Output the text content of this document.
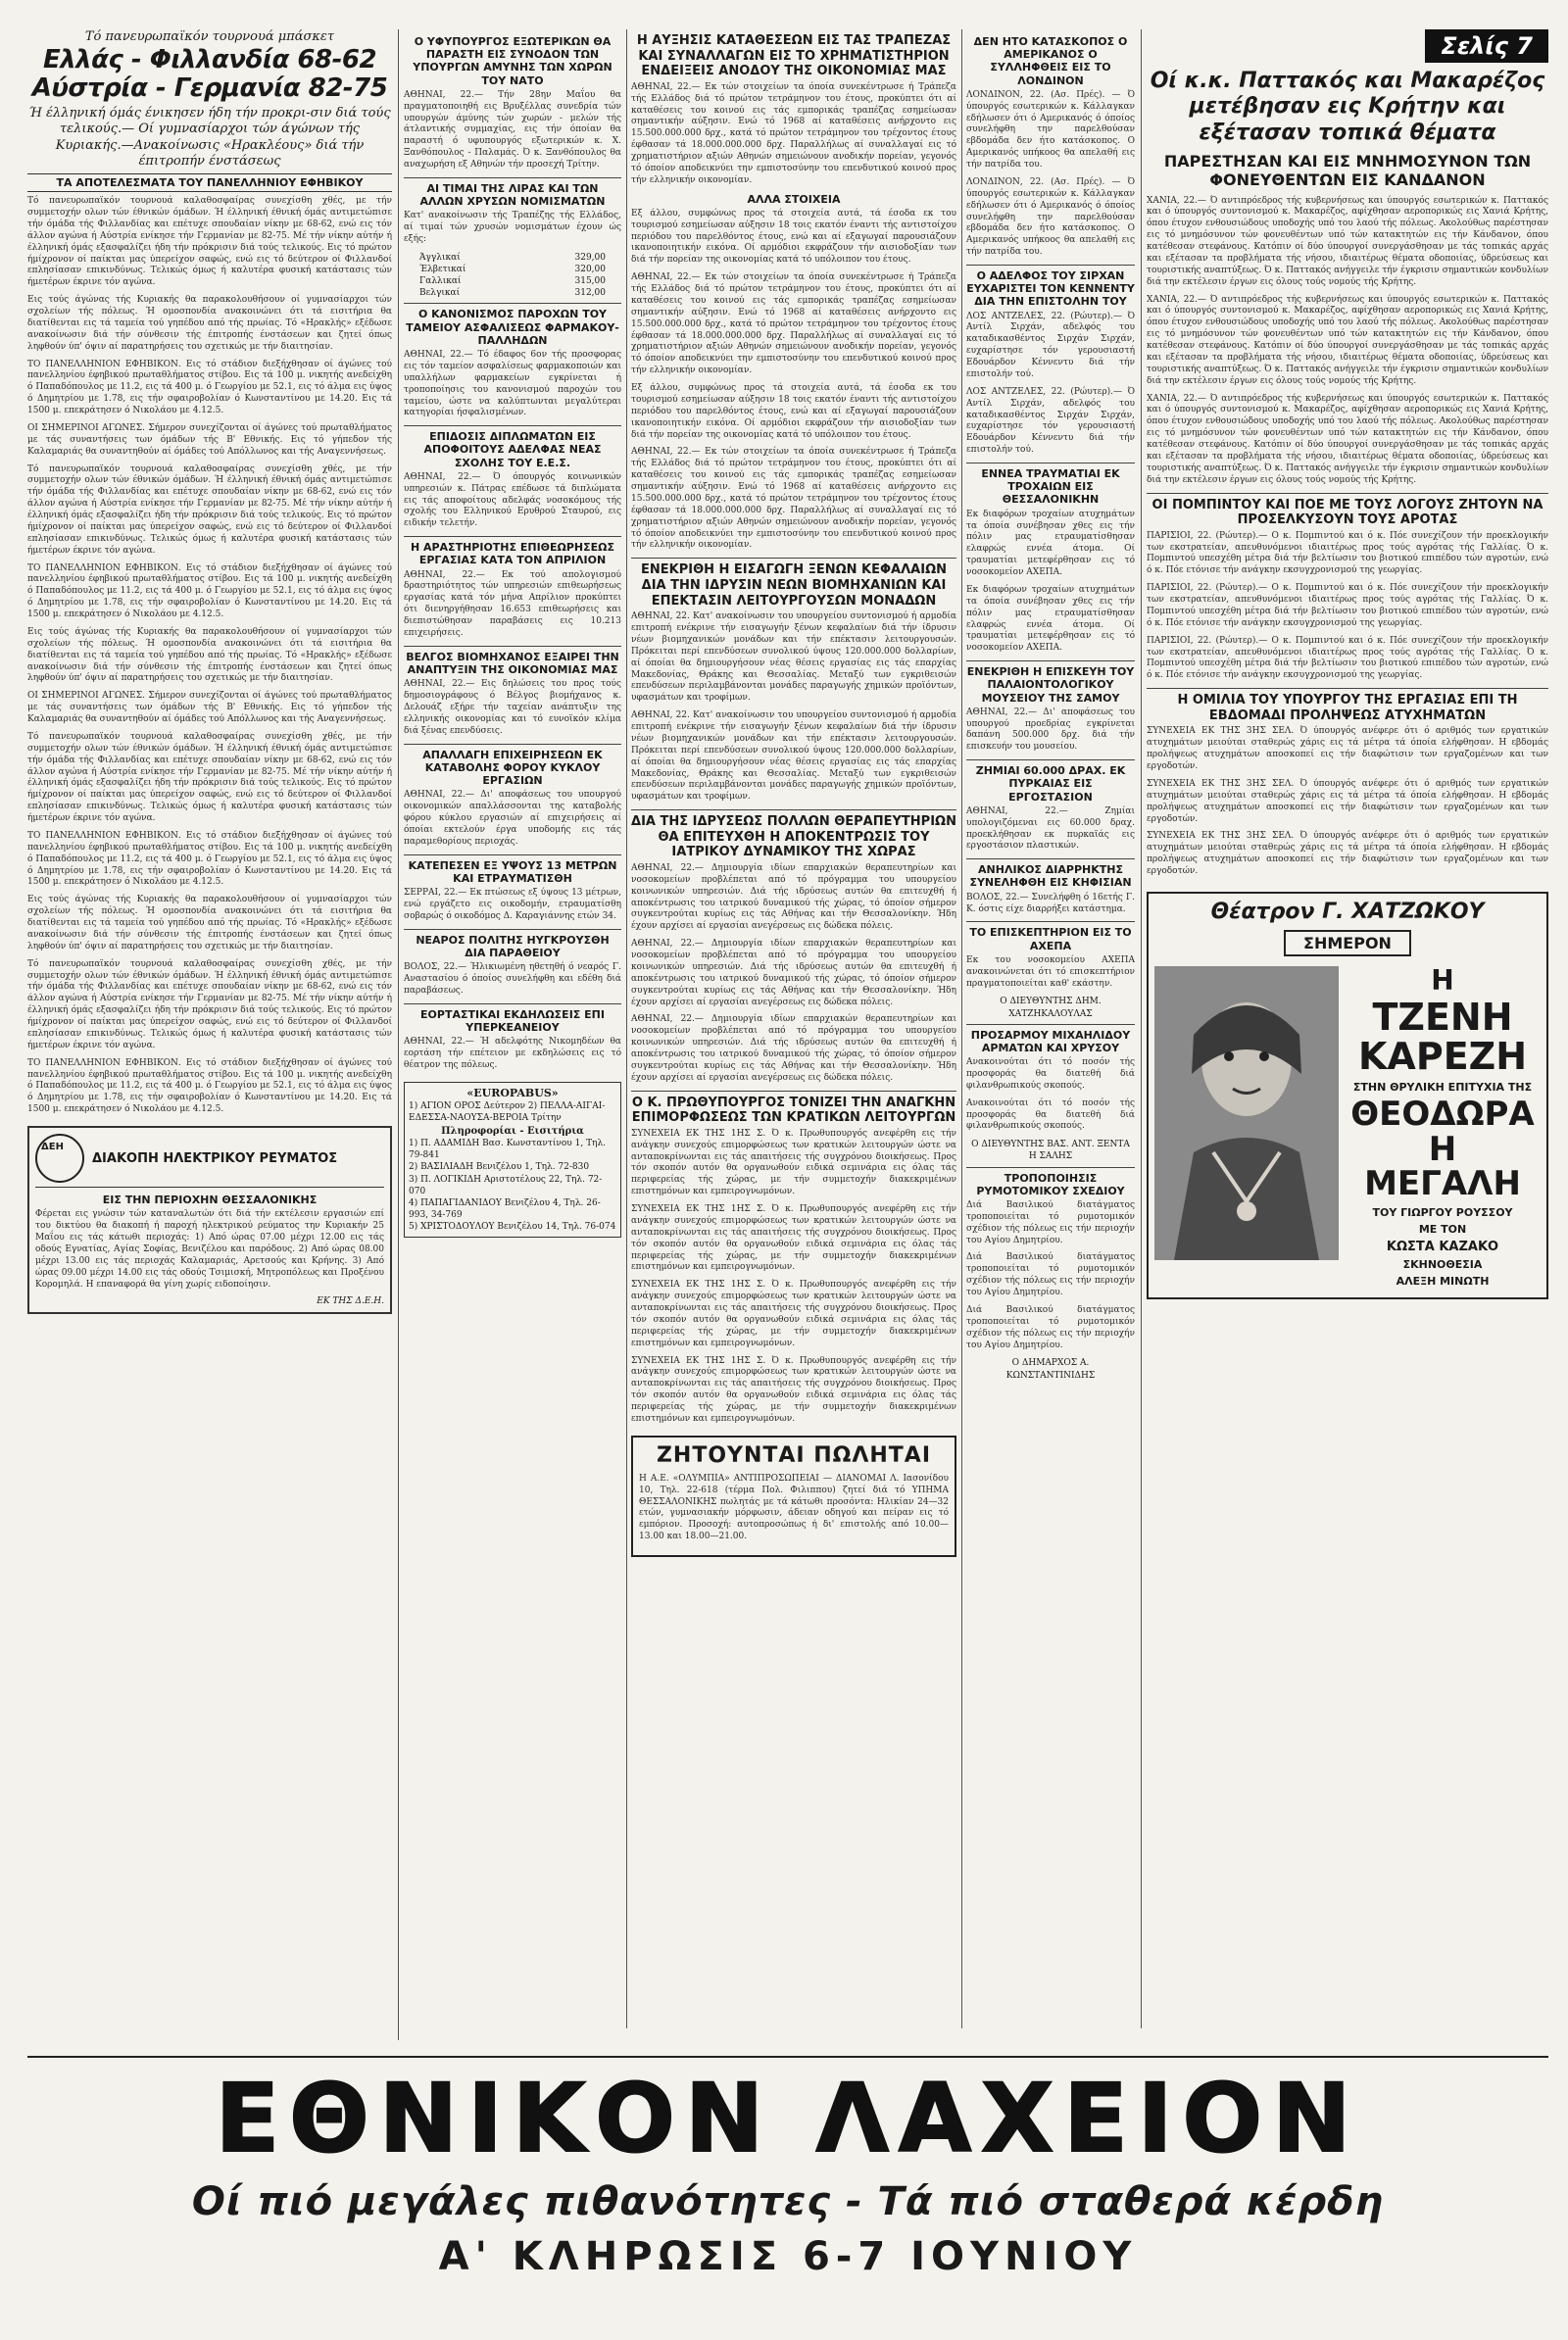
Τό πανευρωπαϊκόν τουρνουά μπάσκετ
Ελλάς - Φιλλανδία 68-62
Αύστρία - Γερμανία 82-75
Ή έλληνική όμάς ένικησεν ήδη τήν προκρι-σιν διά τούς τελικούς.— Οί γυμνασίαρχοι τών άγώνων τής Κυριακής.—Ανακοίνωσις «Ηρακλέους» διά τήν έπιτροπήν ένστάσεως
ΤΑ ΑΠΟΤΕΛΕΣΜΑΤΑ ΤΟΥ ΠΑΝΕΛΛΗΝΙΟΥ ΕΦΗΒΙΚΟΥ

Τό πανευρωπαϊκόν τουρνουά καλαθοσφαίρας συνεχίσθη χθές, με τήν συμμετοχήν ολων τών έθνικών όμάδων. Ή έλληνική έθνική όμάς αντιμετώπισε τήν όμάδα τής Φιλλανδίας και επέτυχε σπουδαίαν νίκην με 68-62, ενώ εις τόν άλλον αγώνα ή Αύστρία ενίκησε τήν Γερμανίαν με 82-75. Μέ τήν νίκην αύτήν ή έλληνική όμάς εξασφαλίζει ήδη τήν πρόκρισιν διά τούς τελικούς. Εις τό πρώτον ήμίχρονον οί παίκται μας ύπερείχον σαφώς, ενώ εις τό δεύτερον οί Φιλλανδοί επλησίασαν επικινδύνως. Τελικώς όμως ή καλυτέρα φυσική κατάστασις τών ήμετέρων έκρινε τόν αγώνα.

Εις τούς άγώνας τής Κυριακής θα παρακολουθήσουν οί γυμνασίαρχοι τών σχολείων τής πόλεως. Ή ομοσπονδία ανακοινώνει ότι τά εισιτήρια θα διατίθενται εις τά ταμεία τού γηπέδου από τής πρωίας. Τό «Ηρακλής» εξέδωσε ανακοίνωσιν διά τήν σύνθεσιν τής έπιτροπής ένστάσεων και ζητεί όπως ληφθούν ύπ' όψιν αί παρατηρήσεις του σχετικώς με τήν διαιτησίαν.

ΤΟ ΠΑΝΕΛΛΗΝΙΟΝ ΕΦΗΒΙΚΟΝ. Εις τό στάδιον διεξήχθησαν οί άγώνες τού πανελληνίου έφηβικού πρωταθλήματος στίβου. Εις τά 100 μ. νικητής ανεδείχθη ό Παπαδόπουλος με 11.2, εις τά 400 μ. ό Γεωργίου με 52.1, εις τό άλμα εις ύψος ό Δημητρίου με 1.78, εις τήν σφαιροβολίαν ό Κωνσταντίνου με 14.20. Εις τά 1500 μ. επεκράτησεν ό Νικολάου με 4.12.5.

ΟΙ ΣΗΜΕΡΙΝΟΙ ΑΓΩΝΕΣ. Σήμερον συνεχίζονται οί άγώνες τού πρωταθλήματος με τάς συναντήσεις των όμάδων τής Β' Εθνικής. Εις τό γήπεδον τής Καλαμαριάς θα συναντηθούν αί όμάδες τού Απόλλωνος και τής Αναγεννήσεως.

Τό πανευρωπαϊκόν τουρνουά καλαθοσφαίρας συνεχίσθη χθές, με τήν συμμετοχήν ολων τών έθνικών όμάδων. Ή έλληνική έθνική όμάς αντιμετώπισε τήν όμάδα τής Φιλλανδίας και επέτυχε σπουδαίαν νίκην με 68-62, ενώ εις τόν άλλον αγώνα ή Αύστρία ενίκησε τήν Γερμανίαν με 82-75. Μέ τήν νίκην αύτήν ή έλληνική όμάς εξασφαλίζει ήδη τήν πρόκρισιν διά τούς τελικούς. Εις τό πρώτον ήμίχρονον οί παίκται μας ύπερείχον σαφώς, ενώ εις τό δεύτερον οί Φιλλανδοί επλησίασαν επικινδύνως. Τελικώς όμως ή καλυτέρα φυσική κατάστασις τών ήμετέρων έκρινε τόν αγώνα.

ΤΟ ΠΑΝΕΛΛΗΝΙΟΝ ΕΦΗΒΙΚΟΝ. Εις τό στάδιον διεξήχθησαν οί άγώνες τού πανελληνίου έφηβικού πρωταθλήματος στίβου. Εις τά 100 μ. νικητής ανεδείχθη ό Παπαδόπουλος με 11.2, εις τά 400 μ. ό Γεωργίου με 52.1, εις τό άλμα εις ύψος ό Δημητρίου με 1.78, εις τήν σφαιροβολίαν ό Κωνσταντίνου με 14.20. Εις τά 1500 μ. επεκράτησεν ό Νικολάου με 4.12.5.

Εις τούς άγώνας τής Κυριακής θα παρακολουθήσουν οί γυμνασίαρχοι τών σχολείων τής πόλεως. Ή ομοσπονδία ανακοινώνει ότι τά εισιτήρια θα διατίθενται εις τά ταμεία τού γηπέδου από τής πρωίας. Τό «Ηρακλής» εξέδωσε ανακοίνωσιν διά τήν σύνθεσιν τής έπιτροπής ένστάσεων και ζητεί όπως ληφθούν ύπ' όψιν αί παρατηρήσεις του σχετικώς με τήν διαιτησίαν.

ΟΙ ΣΗΜΕΡΙΝΟΙ ΑΓΩΝΕΣ. Σήμερον συνεχίζονται οί άγώνες τού πρωταθλήματος με τάς συναντήσεις των όμάδων τής Β' Εθνικής. Εις τό γήπεδον τής Καλαμαριάς θα συναντηθούν αί όμάδες τού Απόλλωνος και τής Αναγεννήσεως.

Τό πανευρωπαϊκόν τουρνουά καλαθοσφαίρας συνεχίσθη χθές, με τήν συμμετοχήν ολων τών έθνικών όμάδων. Ή έλληνική έθνική όμάς αντιμετώπισε τήν όμάδα τής Φιλλανδίας και επέτυχε σπουδαίαν νίκην με 68-62, ενώ εις τόν άλλον αγώνα ή Αύστρία ενίκησε τήν Γερμανίαν με 82-75. Μέ τήν νίκην αύτήν ή έλληνική όμάς εξασφαλίζει ήδη τήν πρόκρισιν διά τούς τελικούς. Εις τό πρώτον ήμίχρονον οί παίκται μας ύπερείχον σαφώς, ενώ εις τό δεύτερον οί Φιλλανδοί επλησίασαν επικινδύνως. Τελικώς όμως ή καλυτέρα φυσική κατάστασις τών ήμετέρων έκρινε τόν αγώνα.

ΤΟ ΠΑΝΕΛΛΗΝΙΟΝ ΕΦΗΒΙΚΟΝ. Εις τό στάδιον διεξήχθησαν οί άγώνες τού πανελληνίου έφηβικού πρωταθλήματος στίβου. Εις τά 100 μ. νικητής ανεδείχθη ό Παπαδόπουλος με 11.2, εις τά 400 μ. ό Γεωργίου με 52.1, εις τό άλμα εις ύψος ό Δημητρίου με 1.78, εις τήν σφαιροβολίαν ό Κωνσταντίνου με 14.20. Εις τά 1500 μ. επεκράτησεν ό Νικολάου με 4.12.5.

Εις τούς άγώνας τής Κυριακής θα παρακολουθήσουν οί γυμνασίαρχοι τών σχολείων τής πόλεως. Ή ομοσπονδία ανακοινώνει ότι τά εισιτήρια θα διατίθενται εις τά ταμεία τού γηπέδου από τής πρωίας. Τό «Ηρακλής» εξέδωσε ανακοίνωσιν διά τήν σύνθεσιν τής έπιτροπής ένστάσεων και ζητεί όπως ληφθούν ύπ' όψιν αί παρατηρήσεις του σχετικώς με τήν διαιτησίαν.

Τό πανευρωπαϊκόν τουρνουά καλαθοσφαίρας συνεχίσθη χθές, με τήν συμμετοχήν ολων τών έθνικών όμάδων. Ή έλληνική έθνική όμάς αντιμετώπισε τήν όμάδα τής Φιλλανδίας και επέτυχε σπουδαίαν νίκην με 68-62, ενώ εις τόν άλλον αγώνα ή Αύστρία ενίκησε τήν Γερμανίαν με 82-75. Μέ τήν νίκην αύτήν ή έλληνική όμάς εξασφαλίζει ήδη τήν πρόκρισιν διά τούς τελικούς. Εις τό πρώτον ήμίχρονον οί παίκται μας ύπερείχον σαφώς, ενώ εις τό δεύτερον οί Φιλλανδοί επλησίασαν επικινδύνως. Τελικώς όμως ή καλυτέρα φυσική κατάστασις τών ήμετέρων έκρινε τόν αγώνα.

ΤΟ ΠΑΝΕΛΛΗΝΙΟΝ ΕΦΗΒΙΚΟΝ. Εις τό στάδιον διεξήχθησαν οί άγώνες τού πανελληνίου έφηβικού πρωταθλήματος στίβου. Εις τά 100 μ. νικητής ανεδείχθη ό Παπαδόπουλος με 11.2, εις τά 400 μ. ό Γεωργίου με 52.1, εις τό άλμα εις ύψος ό Δημητρίου με 1.78, εις τήν σφαιροβολίαν ό Κωνσταντίνου με 14.20. Εις τά 1500 μ. επεκράτησεν ό Νικολάου με 4.12.5.

ΔΕΗ
ΔΙΑΚΟΠΗ ΗΛΕΚΤΡΙΚΟΥ ΡΕΥΜΑΤΟΣ
ΕΙΣ ΤΗΝ ΠΕΡΙΟΧΗΝ ΘΕΣΣΑΛΟΝΙΚΗΣ

Φέρεται εις γνώσιν τών καταναλωτών ότι διά τήν εκτέλεσιν εργασιών επί του δικτύου θα διακοπή ή παροχή ηλεκτρικού ρεύματος την Κυριακήν 25 Μαΐου εις τάς κάτωθι περιοχάς: 1) Από ώρας 07.00 μέχρι 12.00 εις τάς οδούς Εγνατίας, Αγίας Σοφίας, Βενιζέλου και παρόδους. 2) Από ώρας 08.00 μέχρι 13.00 εις τάς περιοχάς Καλαμαριάς, Αρετσούς και Κρήνης. 3) Από ώρας 09.00 μέχρι 14.00 εις τάς οδούς Τσιμισκή, Μητροπόλεως και Προξένου Κορομηλά. Η επαναφορά θα γίνη χωρίς ειδοποίησιν.

ΕΚ ΤΗΣ Δ.Ε.Η.
Ο ΥΦΥΠΟΥΡΓΟΣ ΕΞΩΤΕΡΙΚΩΝ ΘΑ ΠΑΡΑΣΤΗ ΕΙΣ ΣΥΝΟΔΟΝ ΤΩΝ ΥΠΟΥΡΓΩΝ ΑΜΥΝΗΣ ΤΩΝ ΧΩΡΩΝ ΤΟΥ ΝΑΤΟ

ΑΘΗΝΑΙ, 22.— Τήν 28ην Μαΐου θα πραγματοποιηθή εις Βρυξέλλας συνεδρία τών υπουργών άμύνης τών χωρών - μελών τής άτλαντικής συμμαχίας, εις τήν όποίαν θα παραστή ό υφυπουργός εξωτερικών κ. Χ. Ξανθόπουλος - Παλαμάς. Ό κ. Ξανθόπουλος θα αναχωρήση εξ Αθηνών τήν προσεχή Τρίτην.

ΑΙ ΤΙΜΑΙ ΤΗΣ ΛΙΡΑΣ ΚΑΙ ΤΩΝ ΑΛΛΩΝ ΧΡΥΣΩΝ ΝΟΜΙΣΜΑΤΩΝ

Κατ' ανακοίνωσιν τής Τραπέζης τής Ελλάδος, αί τιμαί τών χρυσών νομισμάτων έχουν ώς εξής:

Άγγλικαί	329,00
Έλβετικαί	320,00
Γαλλικαί	315,00
Βελγικαί	312,00
Ο ΚΑΝΟΝΙΣΜΟΣ ΠΑΡΟΧΩΝ ΤΟΥ ΤΑΜΕΙΟΥ ΑΣΦΑΛΙΣΕΩΣ ΦΑΡΜΑΚΟΥ-ΠΑΛΛΗΔΩΝ

ΑΘΗΝΑΙ, 22.— Τό έδαφος 6ον τής προσφορας εις τόν ταμείον ασφαλίσεως φαρμακοποιών και υπαλλήλων φαρμακείων εγκρίνεται ή τροποποίησις του κανονισμού παροχών του ταμείου, ώστε να καλύπτωνται μεγαλύτεραι κατηγορίαι ήσφαλισμένων.

ΕΠΙΔΟΣΙΣ ΔΙΠΛΩΜΑΤΩΝ ΕΙΣ ΑΠΟΦΟΙΤΟΥΣ ΑΔΕΛΦΑΣ ΝΕΑΣ ΣΧΟΛΗΣ ΤΟΥ Ε.Ε.Σ.

ΑΘΗΝΑΙ, 22.— Ό όπουργός κοινωνικών υπηρεσιών κ. Πάτρας επέδωσε τά διπλώματα εις τάς αποφοίτους αδελφάς νοσοκόμους τής σχολής του Ελληνικού Ερυθρού Σταυρού, εις ειδικήν τελετήν.

Η ΑΡΑΣΤΗΡΙΟΤΗΣ ΕΠΙΘΕΩΡΗΣΕΩΣ ΕΡΓΑΣΙΑΣ ΚΑΤΑ ΤΟΝ ΑΠΡΙΛΙΟΝ

ΑΘΗΝΑΙ, 22.— Εκ τού απολογισμού δραστηριότητος τών υπηρεσιών επιθεωρήσεως εργασίας κατά τόν μήνα Απρίλιον προκύπτει ότι διενηργήθησαν 16.653 επιθεωρήσεις και διεπιστώθησαν παραβάσεις εις 10.213 επιχειρήσεις.

ΒΕΛΓΟΣ ΒΙΟΜΗΧΑΝΟΣ ΕΞΑΙΡΕΙ ΤΗΝ ΑΝΑΠΤΥΞΙΝ ΤΗΣ ΟΙΚΟΝΟΜΙΑΣ ΜΑΣ

ΑΘΗΝΑΙ, 22.— Εις δηλώσεις του προς τούς δημοσιογράφους ό Βέλγος βιομήχανος κ. Δελουάζ εξήρε τήν ταχείαν ανάπτυξιν της ελληνικής οικονομίας και τό ευνοϊκόν κλίμα διά ξένας επενδύσεις.

ΑΠΑΛΛΑΓΗ ΕΠΙΧΕΙΡΗΣΕΩΝ ΕΚ ΚΑΤΑΒΟΛΗΣ ΦΟΡΟΥ ΚΥΚΛΟΥ ΕΡΓΑΣΙΩΝ

ΑΘΗΝΑΙ, 22.— Δι' αποφάσεως του υπουργού οικονομικών απαλλάσσονται της καταβολής φόρου κύκλου εργασιών αί επιχειρήσεις αί όποίαι εκτελούν έργα υποδομής εις τάς παραμεθορίους περιοχάς.

ΚΑΤΕΠΕΣΕΝ ΕΞ ΥΨΟΥΣ 13 ΜΕΤΡΩΝ ΚΑΙ ΕΤΡΑΥΜΑΤΙΣΘΗ

ΣΕΡΡΑΙ, 22.— Εκ πτώσεως εξ ύψους 13 μέτρων, ενώ εργάζετο εις οικοδομήν, ετραυματίσθη σοβαρώς ό οικοδόμος Δ. Καραγιάννης ετών 34.

ΝΕΑΡΟΣ ΠΟΛΙΤΗΣ ΗΥΓΚΡΟΥΣΘΗ ΔΙΑ ΠΑΡΑΘΕΙΟΥ

ΒΟΛΟΣ, 22.— Ήλικιωμένη ηθετηθή ό νεαρός Γ. Αναστασίου ό όποίος συνελήφθη και εδέθη διά παραβάσεως.

ΕΟΡΤΑΣΤΙΚΑΙ ΕΚΔΗΛΩΣΕΙΣ ΕΠΙ ΥΠΕΡΚΕΑΝΕΙΟΥ

ΑΘΗΝΑΙ, 22.— Ή αδελφότης Νικομηδέων θα εορτάση τήν επέτειον με εκδηλώσεις εις τό θέατρον της πόλεως.

«EUROPABUS»
1) ΑΓΙΟΝ ΟΡΟΣ Δεύτερον 2) ΠΕΛΛΑ-ΑΙΓΑΙ-ΕΔΕΣΣΑ-ΝΑΟΥΣΑ-ΒΕΡΟΙΑ Τρίτην
Πληροφορίαι - Εισιτήρια
1) Π. ΑΔΑΜΙΔΗ Βασ. Κωνσταντίνου 1, Τηλ. 79-841
2) ΒΑΣΙΛΙΑΔΗ Βενιζέλου 1, Τηλ. 72-830
3) Π. ΛΟΓΙΚΙΔΗ Αριστοτέλους 22, Τηλ. 72-070
4) ΠΑΠΑΓΙΔΑΝΙΔΟΥ Βενιζέλου 4, Τηλ. 26-993, 34-769
5) ΧΡΙΣΤΟΔΟΥΛΟΥ Βενιζέλου 14, Τηλ. 76-074
Η ΑΥΞΗΣΙΣ ΚΑΤΑΘΕΣΕΩΝ ΕΙΣ ΤΑΣ ΤΡΑΠΕΖΑΣ ΚΑΙ ΣΥΝΑΛΛΑΓΩΝ ΕΙΣ ΤΟ ΧΡΗΜΑΤΙΣΤΗΡΙΟΝ ΕΝΔΕΙΞΕΙΣ ΑΝΟΔΟΥ ΤΗΣ ΟΙΚΟΝΟΜΙΑΣ ΜΑΣ

ΑΘΗΝΑΙ, 22.— Εκ τών στοιχείων τα όποία συνεκέντρωσε ή Τράπεζα τής Ελλάδος διά τό πρώτον τετράμηνον του έτους, προκύπτει ότι αί καταθέσεις του κοινού εις τάς εμπορικάς τραπέζας εσημείωσαν σημαντικήν αύξησιν. Ενώ τό 1968 αί καταθέσεις ανήρχοντο εις 15.500.000.000 δρχ., κατά τό πρώτον τετράμηνον του τρέχοντος έτους έφθασαν τά 18.000.000.000 δρχ. Παραλλήλως αί συναλλαγαί εις τό χρηματιστήριον αξιών Αθηνών σημειώνουν ανοδικήν πορείαν, γεγονός τό όποίον αποδεικνύει την εμπιστοσύνην του επενδυτικού κοινού προς τήν ελληνικήν οικονομίαν.

ΑΛΛΑ ΣΤΟΙΧΕΙΑ

Εξ άλλου, συμφώνως προς τά στοιχεία αυτά, τά έσοδα εκ του τουρισμού εσημείωσαν αύξησιν 18 τοις εκατόν έναντι τής αντιστοίχου περιόδου του παρελθόντος έτους, ενώ και αί εξαγωγαί παρουσιάζουν ικανοποιητικήν εικόνα. Οί αρμόδιοι εκφράζουν τήν αισιοδοξίαν των διά τήν πορείαν της οικονομίας κατά τό υπόλοιπον του έτους.

ΑΘΗΝΑΙ, 22.— Εκ τών στοιχείων τα όποία συνεκέντρωσε ή Τράπεζα τής Ελλάδος διά τό πρώτον τετράμηνον του έτους, προκύπτει ότι αί καταθέσεις του κοινού εις τάς εμπορικάς τραπέζας εσημείωσαν σημαντικήν αύξησιν. Ενώ τό 1968 αί καταθέσεις ανήρχοντο εις 15.500.000.000 δρχ., κατά τό πρώτον τετράμηνον του τρέχοντος έτους έφθασαν τά 18.000.000.000 δρχ. Παραλλήλως αί συναλλαγαί εις τό χρηματιστήριον αξιών Αθηνών σημειώνουν ανοδικήν πορείαν, γεγονός τό όποίον αποδεικνύει την εμπιστοσύνην του επενδυτικού κοινού προς τήν ελληνικήν οικονομίαν.

Εξ άλλου, συμφώνως προς τά στοιχεία αυτά, τά έσοδα εκ του τουρισμού εσημείωσαν αύξησιν 18 τοις εκατόν έναντι τής αντιστοίχου περιόδου του παρελθόντος έτους, ενώ και αί εξαγωγαί παρουσιάζουν ικανοποιητικήν εικόνα. Οί αρμόδιοι εκφράζουν τήν αισιοδοξίαν των διά τήν πορείαν της οικονομίας κατά τό υπόλοιπον του έτους.

ΑΘΗΝΑΙ, 22.— Εκ τών στοιχείων τα όποία συνεκέντρωσε ή Τράπεζα τής Ελλάδος διά τό πρώτον τετράμηνον του έτους, προκύπτει ότι αί καταθέσεις του κοινού εις τάς εμπορικάς τραπέζας εσημείωσαν σημαντικήν αύξησιν. Ενώ τό 1968 αί καταθέσεις ανήρχοντο εις 15.500.000.000 δρχ., κατά τό πρώτον τετράμηνον του τρέχοντος έτους έφθασαν τά 18.000.000.000 δρχ. Παραλλήλως αί συναλλαγαί εις τό χρηματιστήριον αξιών Αθηνών σημειώνουν ανοδικήν πορείαν, γεγονός τό όποίον αποδεικνύει την εμπιστοσύνην του επενδυτικού κοινού προς τήν ελληνικήν οικονομίαν.

ΕΝΕΚΡΙΘΗ Η ΕΙΣΑΓΩΓΗ ΞΕΝΩΝ ΚΕΦΑΛΑΙΩΝ ΔΙΑ ΤΗΝ ΙΔΡΥΣΙΝ ΝΕΩΝ ΒΙΟΜΗΧΑΝΙΩΝ ΚΑΙ ΕΠΕΚΤΑΣΙΝ ΛΕΙΤΟΥΡΓΟΥΣΩΝ ΜΟΝΑΔΩΝ

ΑΘΗΝΑΙ, 22. Κατ' ανακοίνωσιν του υπουργείου συντονισμού ή αρμοδία επιτροπή ενέκρινε τήν εισαγωγήν ξένων κεφαλαίων διά τήν ίδρυσιν νέων βιομηχανικών μονάδων και τήν επέκτασιν λειτουργουσών. Πρόκειται περί επενδύσεων συνολικού ύψους 120.000.000 δολλαρίων, αί όποίαι θα δημιουργήσουν νέας θέσεις εργασίας εις τάς επαρχίας Μακεδονίας, Θράκης και Θεσσαλίας. Μεταξύ των εγκριθεισών επενδύσεων περιλαμβάνονται μονάδες παραγωγής χημικών προϊόντων, υφασμάτων και τροφίμων.

ΑΘΗΝΑΙ, 22. Κατ' ανακοίνωσιν του υπουργείου συντονισμού ή αρμοδία επιτροπή ενέκρινε τήν εισαγωγήν ξένων κεφαλαίων διά τήν ίδρυσιν νέων βιομηχανικών μονάδων και τήν επέκτασιν λειτουργουσών. Πρόκειται περί επενδύσεων συνολικού ύψους 120.000.000 δολλαρίων, αί όποίαι θα δημιουργήσουν νέας θέσεις εργασίας εις τάς επαρχίας Μακεδονίας, Θράκης και Θεσσαλίας. Μεταξύ των εγκριθεισών επενδύσεων περιλαμβάνονται μονάδες παραγωγής χημικών προϊόντων, υφασμάτων και τροφίμων.

ΔΙΑ ΤΗΣ ΙΔΡΥΣΕΩΣ ΠΟΛΛΩΝ ΘΕΡΑΠΕΥΤΗΡΙΩΝ ΘΑ ΕΠΙΤΕΥΧΘΗ Η ΑΠΟΚΕΝΤΡΩΣΙΣ ΤΟΥ ΙΑΤΡΙΚΟΥ ΔΥΝΑΜΙΚΟΥ ΤΗΣ ΧΩΡΑΣ

ΑΘΗΝΑΙ, 22.— Δημιουργία ιδίων επαρχιακών θεραπευτηρίων και νοσοκομείων προβλέπεται από τό πρόγραμμα του υπουργείου κοινωνικών υπηρεσιών. Διά τής ιδρύσεως αυτών θα επιτευχθή ή αποκέντρωσις του ιατρικού δυναμικού τής χώρας, τό όποίον σήμερον συγκεντρούται κυρίως εις τάς Αθήνας και τήν Θεσσαλονίκην. Ήδη έχουν αρχίσει αί εργασίαι ανεγέρσεως εις δώδεκα πόλεις.

ΑΘΗΝΑΙ, 22.— Δημιουργία ιδίων επαρχιακών θεραπευτηρίων και νοσοκομείων προβλέπεται από τό πρόγραμμα του υπουργείου κοινωνικών υπηρεσιών. Διά τής ιδρύσεως αυτών θα επιτευχθή ή αποκέντρωσις του ιατρικού δυναμικού τής χώρας, τό όποίον σήμερον συγκεντρούται κυρίως εις τάς Αθήνας και τήν Θεσσαλονίκην. Ήδη έχουν αρχίσει αί εργασίαι ανεγέρσεως εις δώδεκα πόλεις.

ΑΘΗΝΑΙ, 22.— Δημιουργία ιδίων επαρχιακών θεραπευτηρίων και νοσοκομείων προβλέπεται από τό πρόγραμμα του υπουργείου κοινωνικών υπηρεσιών. Διά τής ιδρύσεως αυτών θα επιτευχθή ή αποκέντρωσις του ιατρικού δυναμικού τής χώρας, τό όποίον σήμερον συγκεντρούται κυρίως εις τάς Αθήνας και τήν Θεσσαλονίκην. Ήδη έχουν αρχίσει αί εργασίαι ανεγέρσεως εις δώδεκα πόλεις.

Ο Κ. ΠΡΩΘΥΠΟΥΡΓΟΣ ΤΟΝΙΖΕΙ ΤΗΝ ΑΝΑΓΚΗΝ ΕΠΙΜΟΡΦΩΣΕΩΣ ΤΩΝ ΚΡΑΤΙΚΩΝ ΛΕΙΤΟΥΡΓΩΝ

ΣΥΝΕΧΕΙΑ ΕΚ ΤΗΣ 1ΗΣ Σ. Ό κ. Πρωθυπουργός ανεφέρθη εις τήν ανάγκην συνεχούς επιμορφώσεως των κρατικών λειτουργών ώστε να ανταποκρίνωνται εις τάς απαιτήσεις τής συγχρόνου διοικήσεως. Προς τόν σκοπόν αυτόν θα οργανωθούν ειδικά σεμινάρια εις όλας τάς περιφερείας τής χώρας, με τήν συμμετοχήν διακεκριμένων επιστημόνων και εμπειρογνωμόνων.

ΣΥΝΕΧΕΙΑ ΕΚ ΤΗΣ 1ΗΣ Σ. Ό κ. Πρωθυπουργός ανεφέρθη εις τήν ανάγκην συνεχούς επιμορφώσεως των κρατικών λειτουργών ώστε να ανταποκρίνωνται εις τάς απαιτήσεις τής συγχρόνου διοικήσεως. Προς τόν σκοπόν αυτόν θα οργανωθούν ειδικά σεμινάρια εις όλας τάς περιφερείας τής χώρας, με τήν συμμετοχήν διακεκριμένων επιστημόνων και εμπειρογνωμόνων.

ΣΥΝΕΧΕΙΑ ΕΚ ΤΗΣ 1ΗΣ Σ. Ό κ. Πρωθυπουργός ανεφέρθη εις τήν ανάγκην συνεχούς επιμορφώσεως των κρατικών λειτουργών ώστε να ανταποκρίνωνται εις τάς απαιτήσεις τής συγχρόνου διοικήσεως. Προς τόν σκοπόν αυτόν θα οργανωθούν ειδικά σεμινάρια εις όλας τάς περιφερείας τής χώρας, με τήν συμμετοχήν διακεκριμένων επιστημόνων και εμπειρογνωμόνων.

ΣΥΝΕΧΕΙΑ ΕΚ ΤΗΣ 1ΗΣ Σ. Ό κ. Πρωθυπουργός ανεφέρθη εις τήν ανάγκην συνεχούς επιμορφώσεως των κρατικών λειτουργών ώστε να ανταποκρίνωνται εις τάς απαιτήσεις τής συγχρόνου διοικήσεως. Προς τόν σκοπόν αυτόν θα οργανωθούν ειδικά σεμινάρια εις όλας τάς περιφερείας τής χώρας, με τήν συμμετοχήν διακεκριμένων επιστημόνων και εμπειρογνωμόνων.

ΖΗΤΟΥΝΤΑΙ ΠΩΛΗΤΑΙ

Η Α.Ε. «ΟΛΥΜΠΙΑ» ΑΝΤΙΠΡΟΣΩΠΕΙΑΙ — ΔΙΑΝΟΜΑΙ Λ. Ιασονίδου 10, Τηλ. 22-618 (τέρμα Πολ. Φιλιππου) ζητεί διά τό ΥΠΗΜΑ ΘΕΣΣΑΛΟΝΙΚΗΣ πωλητάς με τά κάτωθι προσόντα: Ηλικίαν 24—32 ετών, γυμνασιακήν μόρφωσιν, άδειαν οδηγού και πείραν εις τό εμπόριον. Προσοχή: αυτοπροσώπως ή δι' επιστολής από 10.00—13.00 και 18.00—21.00.

ΔΕΝ ΗΤΟ ΚΑΤΑΣΚΟΠΟΣ Ο ΑΜΕΡΙΚΑΝΟΣ Ο ΣΥΛΛΗΦΘΕΙΣ ΕΙΣ ΤΟ ΛΟΝΔΙΝΟΝ

ΛΟΝΔΙΝΟΝ, 22. (Ασ. Πρές). — Ό ύπουργός εσωτερικών κ. Κάλλαγκαν εδήλωσεν ότι ό Αμερικανός ό όποίος συνελήφθη την παρελθούσαν εβδομάδα δεν ήτο κατάσκοπος. Ο Αμερικανός υπήκοος θα απελαθή εις τήν πατρίδα του.

ΛΟΝΔΙΝΟΝ, 22. (Ασ. Πρές). — Ό ύπουργός εσωτερικών κ. Κάλλαγκαν εδήλωσεν ότι ό Αμερικανός ό όποίος συνελήφθη την παρελθούσαν εβδομάδα δεν ήτο κατάσκοπος. Ο Αμερικανός υπήκοος θα απελαθή εις τήν πατρίδα του.

Ο ΑΔΕΛΦΟΣ ΤΟΥ ΣΙΡΧΑΝ ΕΥΧΑΡΙΣΤΕΙ ΤΟΝ ΚΕΝΝΕΝΤΥ ΔΙΑ ΤΗΝ ΕΠΙΣΤΟΛΗΝ ΤΟΥ

ΛΟΣ ΑΝΤΖΕΛΕΣ, 22. (Ρώυτερ).— Ό Αντίλ Σιρχάν, αδελφός του καταδικασθέντος Σιρχάν Σιρχάν, ευχαρίστησε τόν γερουσιαστή Εδουάρδον Κέννεντυ διά τήν επιστολήν τού.

ΛΟΣ ΑΝΤΖΕΛΕΣ, 22. (Ρώυτερ).— Ό Αντίλ Σιρχάν, αδελφός του καταδικασθέντος Σιρχάν Σιρχάν, ευχαρίστησε τόν γερουσιαστή Εδουάρδον Κέννεντυ διά τήν επιστολήν τού.

ΕΝΝΕΑ ΤΡΑΥΜΑΤΙΑΙ ΕΚ ΤΡΟΧΑΙΩΝ ΕΙΣ ΘΕΣΣΑΛΟΝΙΚΗΝ

Εκ διαφόρων τροχαίων ατυχημάτων τα όποία συνέβησαν χθες εις τήν πόλιν μας ετραυματίσθησαν ελαφρώς εννέα άτομα. Οί τραυματίαι μετεφέρθησαν εις τό νοσοκομείον ΑΧΕΠΑ.

Εκ διαφόρων τροχαίων ατυχημάτων τα όποία συνέβησαν χθες εις τήν πόλιν μας ετραυματίσθησαν ελαφρώς εννέα άτομα. Οί τραυματίαι μετεφέρθησαν εις τό νοσοκομείον ΑΧΕΠΑ.

ΕΝΕΚΡΙΘΗ Η ΕΠΙΣΚΕΥΗ ΤΟΥ ΠΑΛΑΙΟΝΤΟΛΟΓΙΚΟΥ ΜΟΥΣΕΙΟΥ ΤΗΣ ΣΑΜΟΥ

ΑΘΗΝΑΙ, 22.— Δι' αποφάσεως του υπουργού προεδρίας εγκρίνεται δαπάνη 500.000 δρχ. διά τήν επισκευήν του μουσείου.

ΖΗΜΙΑΙ 60.000 ΔΡΑΧ. ΕΚ ΠΥΡΚΑΙΑΣ ΕΙΣ ΕΡΓΟΣΤΑΣΙΟΝ

ΑΘΗΝΑΙ, 22.— Ζημίαι υπολογιζόμεναι εις 60.000 δραχ. προεκλήθησαν εκ πυρκαϊάς εις εργοστάσιον πλαστικών.

ΑΝΗΛΙΚΟΣ ΔΙΑΡΡΗΚΤΗΣ ΣΥΝΕΛΗΦΘΗ ΕΙΣ ΚΗΦΙΣΙΑΝ

ΒΟΛΟΣ, 22.— Συνελήφθη ό 16ετής Γ. Κ. όστις είχε διαρρήξει κατάστημα.

ΤΟ ΕΠΙΣΚΕΠΤΗΡΙΟΝ ΕΙΣ ΤΟ ΑΧΕΠΑ

Εκ του νοσοκομείου ΑΧΕΠΑ ανακοινώνεται ότι τό επισκεπτήριον πραγματοποιείται καθ' εκάστην.

Ο ΔΙΕΥΘΥΝΤΗΣ ΔΗΜ. ΧΑΤΖΗΚΑΛΟΥΛΑΣ
ΠΡΟΣΑΡΜΟΥ ΜΙΧΑΗΛΙΔΟΥ ΑΡΜΑΤΩΝ ΚΑΙ ΧΡΥΣΟΥ

Ανακοινούται ότι τό ποσόν τής προσφοράς θα διατεθή διά φιλανθρωπικούς σκοπούς.

Ανακοινούται ότι τό ποσόν τής προσφοράς θα διατεθή διά φιλανθρωπικούς σκοπούς.

Ο ΔΙΕΥΘΥΝΤΗΣ ΒΑΣ. ΑΝΤ. ΞΕΝΤΑ Η ΣΑΛΗΣ
ΤΡΟΠΟΠΟΙΗΣΙΣ ΡΥΜΟΤΟΜΙΚΟΥ ΣΧΕΔΙΟΥ

Διά Βασιλικού διατάγματος τροποποιείται τό ρυμοτομικόν σχέδιον τής πόλεως εις τήν περιοχήν του Αγίου Δημητρίου.

Διά Βασιλικού διατάγματος τροποποιείται τό ρυμοτομικόν σχέδιον τής πόλεως εις τήν περιοχήν του Αγίου Δημητρίου.

Διά Βασιλικού διατάγματος τροποποιείται τό ρυμοτομικόν σχέδιον τής πόλεως εις τήν περιοχήν του Αγίου Δημητρίου.

Ο ΔΗΜΑΡΧΟΣ Α. ΚΩΝΣΤΑΝΤΙΝΙΔΗΣ
Σελίς 7
Οί κ.κ. Παττακός και Μακαρέζος μετέβησαν εις Κρήτην και εξέτασαν τοπικά θέματα
ΠΑΡΕΣΤΗΣΑΝ ΚΑΙ ΕΙΣ ΜΝΗΜΟΣΥΝΟΝ ΤΩΝ ΦΟΝΕΥΘΕΝΤΩΝ ΕΙΣ ΚΑΝΔΑΝΟΝ

ΧΑΝΙΑ, 22.— Ό αντιπρόεδρος τής κυβερνήσεως και ύπουργός εσωτερικών κ. Παττακός και ό ύπουργός συντονισμού κ. Μακαρέζος, αφίχθησαν αεροπορικώς εις Χανιά Κρήτης, όπου έτυχον ενθουσιώδους υποδοχής υπό του λαού τής πόλεως. Ακολούθως παρέστησαν εις τό μνημόσυνον τών φονευθέντων υπό τών κατακτητών εις τήν Κάνδανον, όπου κατέθεσαν στεφάνους. Κατόπιν οί δύο ύπουργοί συνεργάσθησαν με τάς τοπικάς αρχάς και εξέτασαν τα προβλήματα τής νήσου, ιδιαιτέρως θέματα οδοποιίας, ύδρεύσεως και τουριστικής αναπτύξεως. Ό κ. Παττακός ανήγγειλε τήν έγκρισιν σημαντικών κονδυλίων διά την εκτέλεσιν έργων εις όλους τούς νομούς τής Κρήτης.

ΧΑΝΙΑ, 22.— Ό αντιπρόεδρος τής κυβερνήσεως και ύπουργός εσωτερικών κ. Παττακός και ό ύπουργός συντονισμού κ. Μακαρέζος, αφίχθησαν αεροπορικώς εις Χανιά Κρήτης, όπου έτυχον ενθουσιώδους υποδοχής υπό του λαού τής πόλεως. Ακολούθως παρέστησαν εις τό μνημόσυνον τών φονευθέντων υπό τών κατακτητών εις τήν Κάνδανον, όπου κατέθεσαν στεφάνους. Κατόπιν οί δύο ύπουργοί συνεργάσθησαν με τάς τοπικάς αρχάς και εξέτασαν τα προβλήματα τής νήσου, ιδιαιτέρως θέματα οδοποιίας, ύδρεύσεως και τουριστικής αναπτύξεως. Ό κ. Παττακός ανήγγειλε τήν έγκρισιν σημαντικών κονδυλίων διά την εκτέλεσιν έργων εις όλους τούς νομούς τής Κρήτης.

ΧΑΝΙΑ, 22.— Ό αντιπρόεδρος τής κυβερνήσεως και ύπουργός εσωτερικών κ. Παττακός και ό ύπουργός συντονισμού κ. Μακαρέζος, αφίχθησαν αεροπορικώς εις Χανιά Κρήτης, όπου έτυχον ενθουσιώδους υποδοχής υπό του λαού τής πόλεως. Ακολούθως παρέστησαν εις τό μνημόσυνον τών φονευθέντων υπό τών κατακτητών εις τήν Κάνδανον, όπου κατέθεσαν στεφάνους. Κατόπιν οί δύο ύπουργοί συνεργάσθησαν με τάς τοπικάς αρχάς και εξέτασαν τα προβλήματα τής νήσου, ιδιαιτέρως θέματα οδοποιίας, ύδρεύσεως και τουριστικής αναπτύξεως. Ό κ. Παττακός ανήγγειλε τήν έγκρισιν σημαντικών κονδυλίων διά την εκτέλεσιν έργων εις όλους τούς νομούς τής Κρήτης.

ΟΙ ΠΟΜΠΙΝΤΟΥ ΚΑΙ ΠΟΕ ΜΕ ΤΟΥΣ ΛΟΓΟΥΣ ΖΗΤΟΥΝ ΝΑ ΠΡΟΣΕΛΚΥΣΟΥΝ ΤΟΥΣ ΑΡΟΤΑΣ

ΠΑΡΙΣΙΟΙ, 22. (Ρώυτερ).— Ο κ. Πομπιντού και ό κ. Πόε συνεχίζουν τήν προεκλογικήν των εκστρατείαν, απευθυνόμενοι ιδιαιτέρως προς τούς αγρότας τής Γαλλίας. Ό κ. Πομπιντού υπεσχέθη μέτρα διά τήν βελτίωσιν του βιοτικού επιπέδου τών αγροτών, ενώ ό κ. Πόε ετόνισε τήν ανάγκην εκσυγχρονισμού της γεωργίας.

ΠΑΡΙΣΙΟΙ, 22. (Ρώυτερ).— Ο κ. Πομπιντού και ό κ. Πόε συνεχίζουν τήν προεκλογικήν των εκστρατείαν, απευθυνόμενοι ιδιαιτέρως προς τούς αγρότας τής Γαλλίας. Ό κ. Πομπιντού υπεσχέθη μέτρα διά τήν βελτίωσιν του βιοτικού επιπέδου τών αγροτών, ενώ ό κ. Πόε ετόνισε τήν ανάγκην εκσυγχρονισμού της γεωργίας.

ΠΑΡΙΣΙΟΙ, 22. (Ρώυτερ).— Ο κ. Πομπιντού και ό κ. Πόε συνεχίζουν τήν προεκλογικήν των εκστρατείαν, απευθυνόμενοι ιδιαιτέρως προς τούς αγρότας τής Γαλλίας. Ό κ. Πομπιντού υπεσχέθη μέτρα διά τήν βελτίωσιν του βιοτικού επιπέδου τών αγροτών, ενώ ό κ. Πόε ετόνισε τήν ανάγκην εκσυγχρονισμού της γεωργίας.

Η ΟΜΙΛΙΑ ΤΟΥ ΥΠΟΥΡΓΟΥ ΤΗΣ ΕΡΓΑΣΙΑΣ ΕΠΙ ΤΗ ΕΒΔΟΜΑΔΙ ΠΡΟΛΗΨΕΩΣ ΑΤΥΧΗΜΑΤΩΝ

ΣΥΝΕΧΕΙΑ ΕΚ ΤΗΣ 3ΗΣ ΣΕΛ. Ό ύπουργός ανέφερε ότι ό αριθμός των εργατικών ατυχημάτων μειούται σταθερώς χάρις εις τά μέτρα τά όποία ελήφθησαν. Η εβδομάς προλήψεως ατυχημάτων αποσκοπεί εις τήν διαφώτισιν των εργαζομένων και των εργοδοτών.

ΣΥΝΕΧΕΙΑ ΕΚ ΤΗΣ 3ΗΣ ΣΕΛ. Ό ύπουργός ανέφερε ότι ό αριθμός των εργατικών ατυχημάτων μειούται σταθερώς χάρις εις τά μέτρα τά όποία ελήφθησαν. Η εβδομάς προλήψεως ατυχημάτων αποσκοπεί εις τήν διαφώτισιν των εργαζομένων και των εργοδοτών.

ΣΥΝΕΧΕΙΑ ΕΚ ΤΗΣ 3ΗΣ ΣΕΛ. Ό ύπουργός ανέφερε ότι ό αριθμός των εργατικών ατυχημάτων μειούται σταθερώς χάρις εις τά μέτρα τά όποία ελήφθησαν. Η εβδομάς προλήψεως ατυχημάτων αποσκοπεί εις τήν διαφώτισιν των εργαζομένων και των εργοδοτών.

Θέατρον Γ. ΧΑΤΖΩΚΟΥ
ΣΗΜΕΡΟΝ
Η
ΤΖΕΝΗ ΚΑΡΕΖΗ
ΣΤΗΝ ΘΡΥΛΙΚΗ ΕΠΙΤΥΧΙΑ ΤΗΣ
ΘΕΟΔΩΡΑ Η ΜΕΓΑΛΗ
ΤΟΥ ΓΙΩΡΓΟΥ ΡΟΥΣΣΟΥ
ΜΕ ΤΟΝ
ΚΩΣΤΑ ΚΑΖΑΚΟ
ΣΚΗΝΟΘΕΣΙΑ
ΑΛΕΞΗ ΜΙΝΩΤΗ
ΕΘΝΙΚΟΝ ΛΑΧΕΙΟΝ
Οί πιό μεγάλες πιθανότητες - Τά πιό σταθερά κέρδη
Α' ΚΛΗΡΩΣΙΣ 6-7 ΙΟΥΝΙΟΥ
